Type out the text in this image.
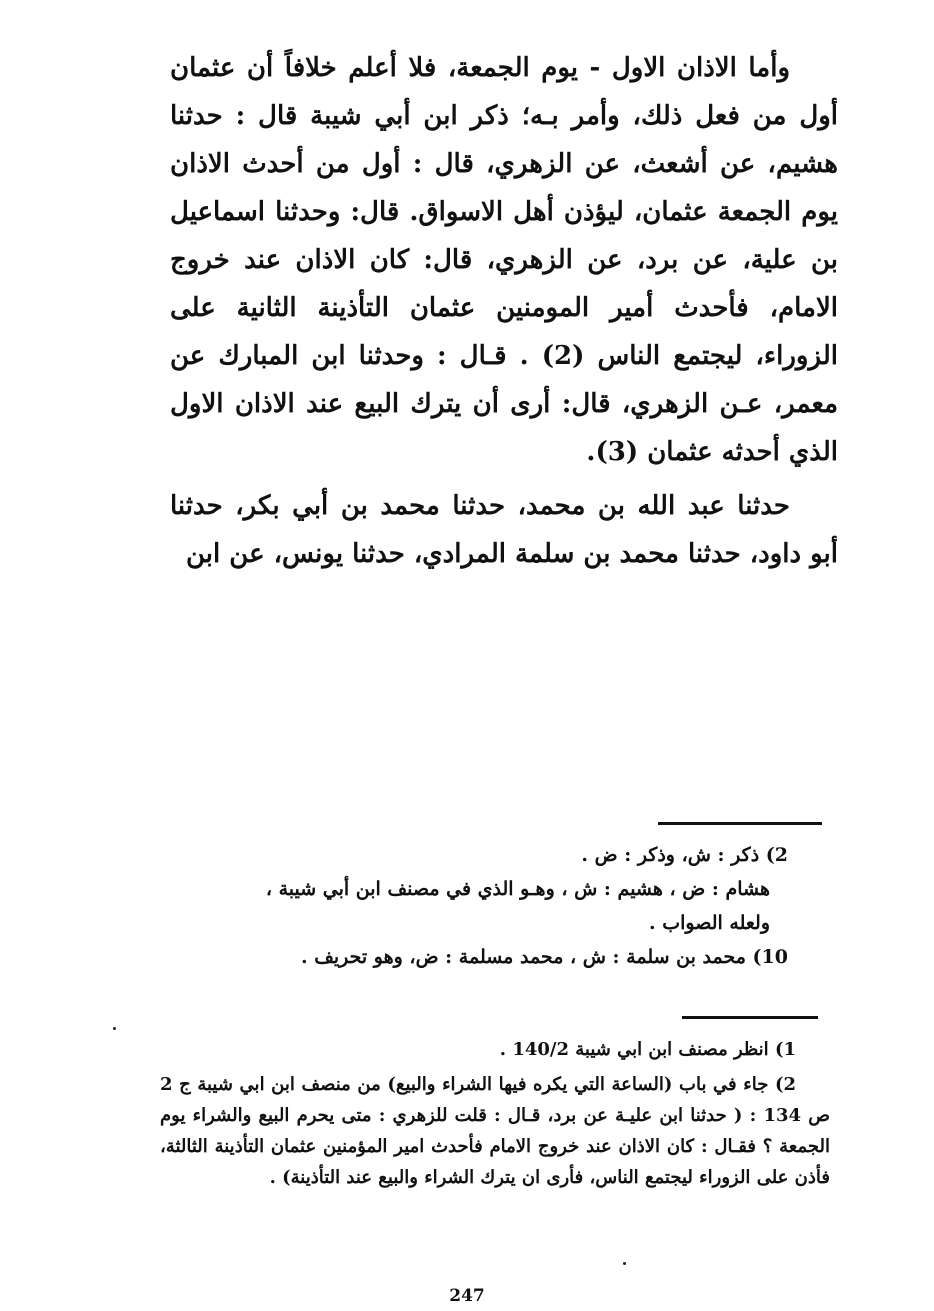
وأما الاذان الاول - يوم الجمعة، فلا أعلم خلافاً أن عثمان أول من فعل ذلك، وأمر بـه؛ ذكر ابن أبي شيبة قال : حدثنا هشيم، عن أشعث، عن الزهري، قال : أول من أحدث الاذان يوم الجمعة عثمان، ليؤذن أهل الاسواق. قال: وحدثنا اسماعيل بن علية، عن برد، عن الزهري، قال: كان الاذان عند خروج الامام، فأحدث أمير المومنين عثمان التأذينة الثانية على الزوراء، ليجتمع الناس (2) . قـال : وحدثنا ابن المبارك عن معمر، عـن الزهري، قال: أرى أن يترك البيع عند الاذان الاول الذي أحدثه عثمان (3).

حدثنا عبد الله بن محمد، حدثنا محمد بن أبي بكر، حدثنا أبو داود، حدثنا محمد بن سلمة المرادي، حدثنا يونس، عن ابن

2) ذكر : ش، وذكر : ض .
هشام : ض ، هشيم : ش ، وهـو الذي في مصنف ابن أبي شيبة ،
ولعله الصواب .
10) محمد بن سلمة : ش ، محمد مسلمة : ض، وهو تحريف .

1) انظر مصنف ابن ابي شيبة 140/2 .

2) جاء في باب (الساعة التي يكره فيها الشراء والبيع) من منصف ابن ابي شيبة ج 2 ص 134 : ( حدثنا ابن عليـة عن برد، قـال : قلت للزهري : متى يحرم البيع والشراء يوم الجمعة ؟ فقـال : كان الاذان عند خروج الامام فأحدث امير المؤمنين عثمان التأذينة الثالثة، فأذن على الزوراء ليجتمع الناس، فأرى ان يترك الشراء والبيع عند التأذينة) .

247
